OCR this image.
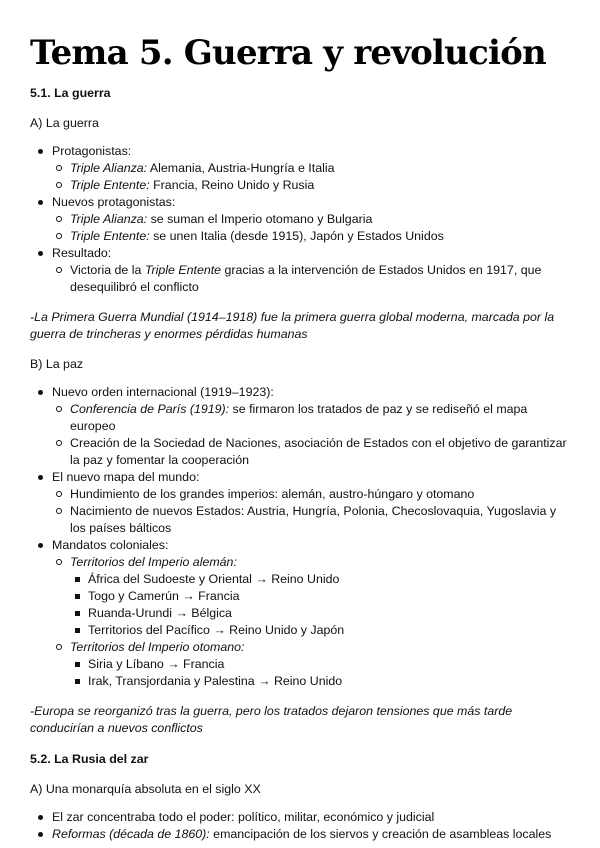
Tema 5. Guerra y revolución
5.1. La guerra
A) La guerra
Protagonistas:
Triple Alianza: Alemania, Austria-Hungría e Italia
Triple Entente: Francia, Reino Unido y Rusia
Nuevos protagonistas:
Triple Alianza: se suman el Imperio otomano y Bulgaria
Triple Entente: se unen Italia (desde 1915), Japón y Estados Unidos
Resultado:
Victoria de la Triple Entente gracias a la intervención de Estados Unidos en 1917, que desequilibró el conflicto
-La Primera Guerra Mundial (1914–1918) fue la primera guerra global moderna, marcada por la guerra de trincheras y enormes pérdidas humanas
B) La paz
Nuevo orden internacional (1919–1923):
Conferencia de París (1919): se firmaron los tratados de paz y se rediseñó el mapa europeo
Creación de la Sociedad de Naciones, asociación de Estados con el objetivo de garantizar la paz y fomentar la cooperación
El nuevo mapa del mundo:
Hundimiento de los grandes imperios: alemán, austro-húngaro y otomano
Nacimiento de nuevos Estados: Austria, Hungría, Polonia, Checoslovaquia, Yugoslavia y los países bálticos
Mandatos coloniales:
Territorios del Imperio alemán:
África del Sudoeste y Oriental → Reino Unido
Togo y Camerún → Francia
Ruanda-Urundi → Bélgica
Territorios del Pacífico → Reino Unido y Japón
Territorios del Imperio otomano:
Siria y Líbano → Francia
Irak, Transjordania y Palestina → Reino Unido
-Europa se reorganizó tras la guerra, pero los tratados dejaron tensiones que más tarde conducirían a nuevos conflictos
5.2. La Rusia del zar
A) Una monarquía absoluta en el siglo XX
El zar concentraba todo el poder: político, militar, económico y judicial
Reformas (década de 1860): emancipación de los siervos y creación de asambleas locales
